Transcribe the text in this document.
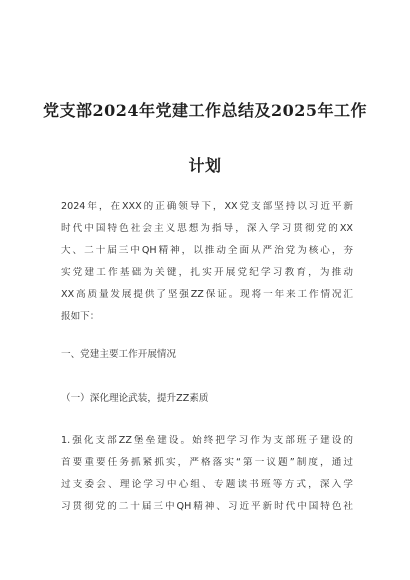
党支部2024年党建工作总结及2025年工作
计划
2024年，在XXX的正确领导下，XX党支部坚持以习近平新
时代中国特色社会主义思想为指导，深入学习贯彻党的XX
大、二十届三中QH精神，以推动全面从严治党为核心，夯
实党建工作基础为关键，扎实开展党纪学习教育，为推动
XX高质量发展提供了坚强ZZ保证。现将一年来工作情况汇
报如下：
一、党建主要工作开展情况
（一）深化理论武装，提升ZZ素质
1.强化支部ZZ堡垒建设。始终把学习作为支部班子建设的
首要重要任务抓紧抓实，严格落实“第一议题”制度，通过
过支委会、理论学习中心组、专题读书班等方式，深入学
习贯彻党的二十届三中QH精神、习近平新时代中国特色社
